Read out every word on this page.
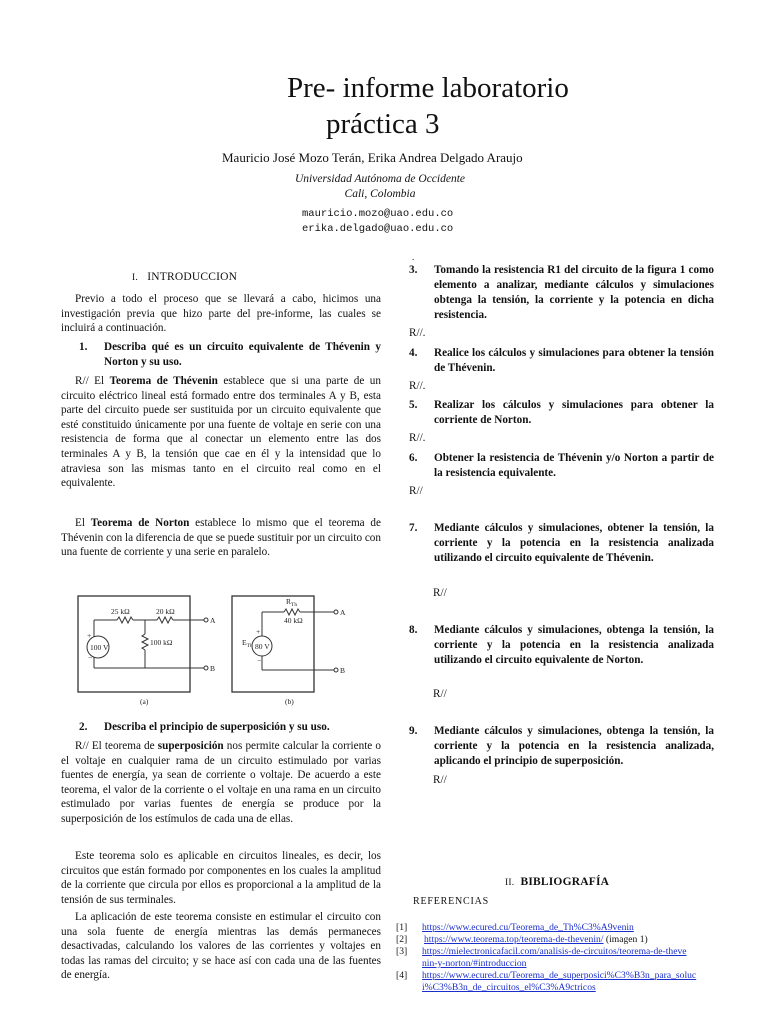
Pre- informe laboratorio
práctica 3
Mauricio José Mozo Terán, Erika Andrea Delgado Araujo
Universidad Autónoma de Occidente
Cali, Colombia
mauricio.mozo@uao.edu.co
erika.delgado@uao.edu.co
I. INTRODUCCION
Previo a todo el proceso que se llevará a cabo, hicimos una investigación previa que hizo parte del pre-informe, las cuales se incluirá a continuación.
1. Describa qué es un circuito equivalente de Thévenin y Norton y su uso.
R// El Teorema de Thévenin establece que si una parte de un circuito eléctrico lineal está formado entre dos terminales A y B, esta parte del circuito puede ser sustituida por un circuito equivalente que esté constituido únicamente por una fuente de voltaje en serie con una resistencia de forma que al conectar un elemento entre las dos terminales A y B, la tensión que cae en él y la intensidad que lo atraviesa son las mismas tanto en el circuito real como en el equivalente.
El Teorema de Norton establece lo mismo que el teorema de Thévenin con la diferencia de que se puede sustituir por un circuito con una fuente de corriente y una serie en paralelo.
100 V
+
−
25 kΩ	20 kΩ
100 kΩ
A
B
(a)
80 V
+
−
$E_{Th}$
$R_{Th}$
40 kΩ
A
B
(b)
2. Describa el principio de superposición y su uso.
R// El teorema de superposición nos permite calcular la corriente o el voltaje en cualquier rama de un circuito estimulado por varias fuentes de energía, ya sean de corriente o voltaje. De acuerdo a este teorema, el valor de la corriente o el voltaje en una rama en un circuito estimulado por varias fuentes de energía se produce por la superposición de los estímulos de cada una de ellas.
Este teorema solo es aplicable en circuitos lineales, es decir, los circuitos que están formado por componentes en los cuales la amplitud de la corriente que circula por ellos es proporcional a la amplitud de la tensión de sus terminales.
La aplicación de este teorema consiste en estimular el circuito con una sola fuente de energía mientras las demás permaneces desactivadas, calculando los valores de las corrientes y voltajes en todas las ramas del circuito; y se hace así con cada una de las fuentes de energía.
.
3. Tomando la resistencia R1 del circuito de la figura 1 como elemento a analizar, mediante cálculos y simulaciones obtenga la tensión, la corriente y la potencia en dicha resistencia.
R//.
4. Realice los cálculos y simulaciones para obtener la tensión de Thévenin.
R//.
5. Realizar los cálculos y simulaciones para obtener la corriente de Norton.
R//.
6. Obtener la resistencia de Thévenin y/o Norton a partir de la resistencia equivalente.
R//
7. Mediante cálculos y simulaciones, obtener la tensión, la corriente y la potencia en la resistencia analizada utilizando el circuito equivalente de Thévenin.
R//
8. Mediante cálculos y simulaciones, obtenga la tensión, la corriente y la potencia en la resistencia analizada utilizando el circuito equivalente de Norton.
R//
9. Mediante cálculos y simulaciones, obtenga la tensión, la corriente y la potencia en la resistencia analizada, aplicando el principio de superposición.
R//
II. BIBLIOGRAFÍA
REFERENCIAS
[1] https://www.ecured.cu/Teorema_de_Th%C3%A9venin
[2] https://www.teorema.top/teorema-de-thevenin/ (imagen 1)
[3] https://mielectronicafacil.com/analisis-de-circuitos/teorema-de-thevenin-y-norton/#introduccion
[4] https://www.ecured.cu/Teorema_de_superposici%C3%B3n_para_soluci%C3%B3n_de_circuitos_el%C3%A9ctricos
